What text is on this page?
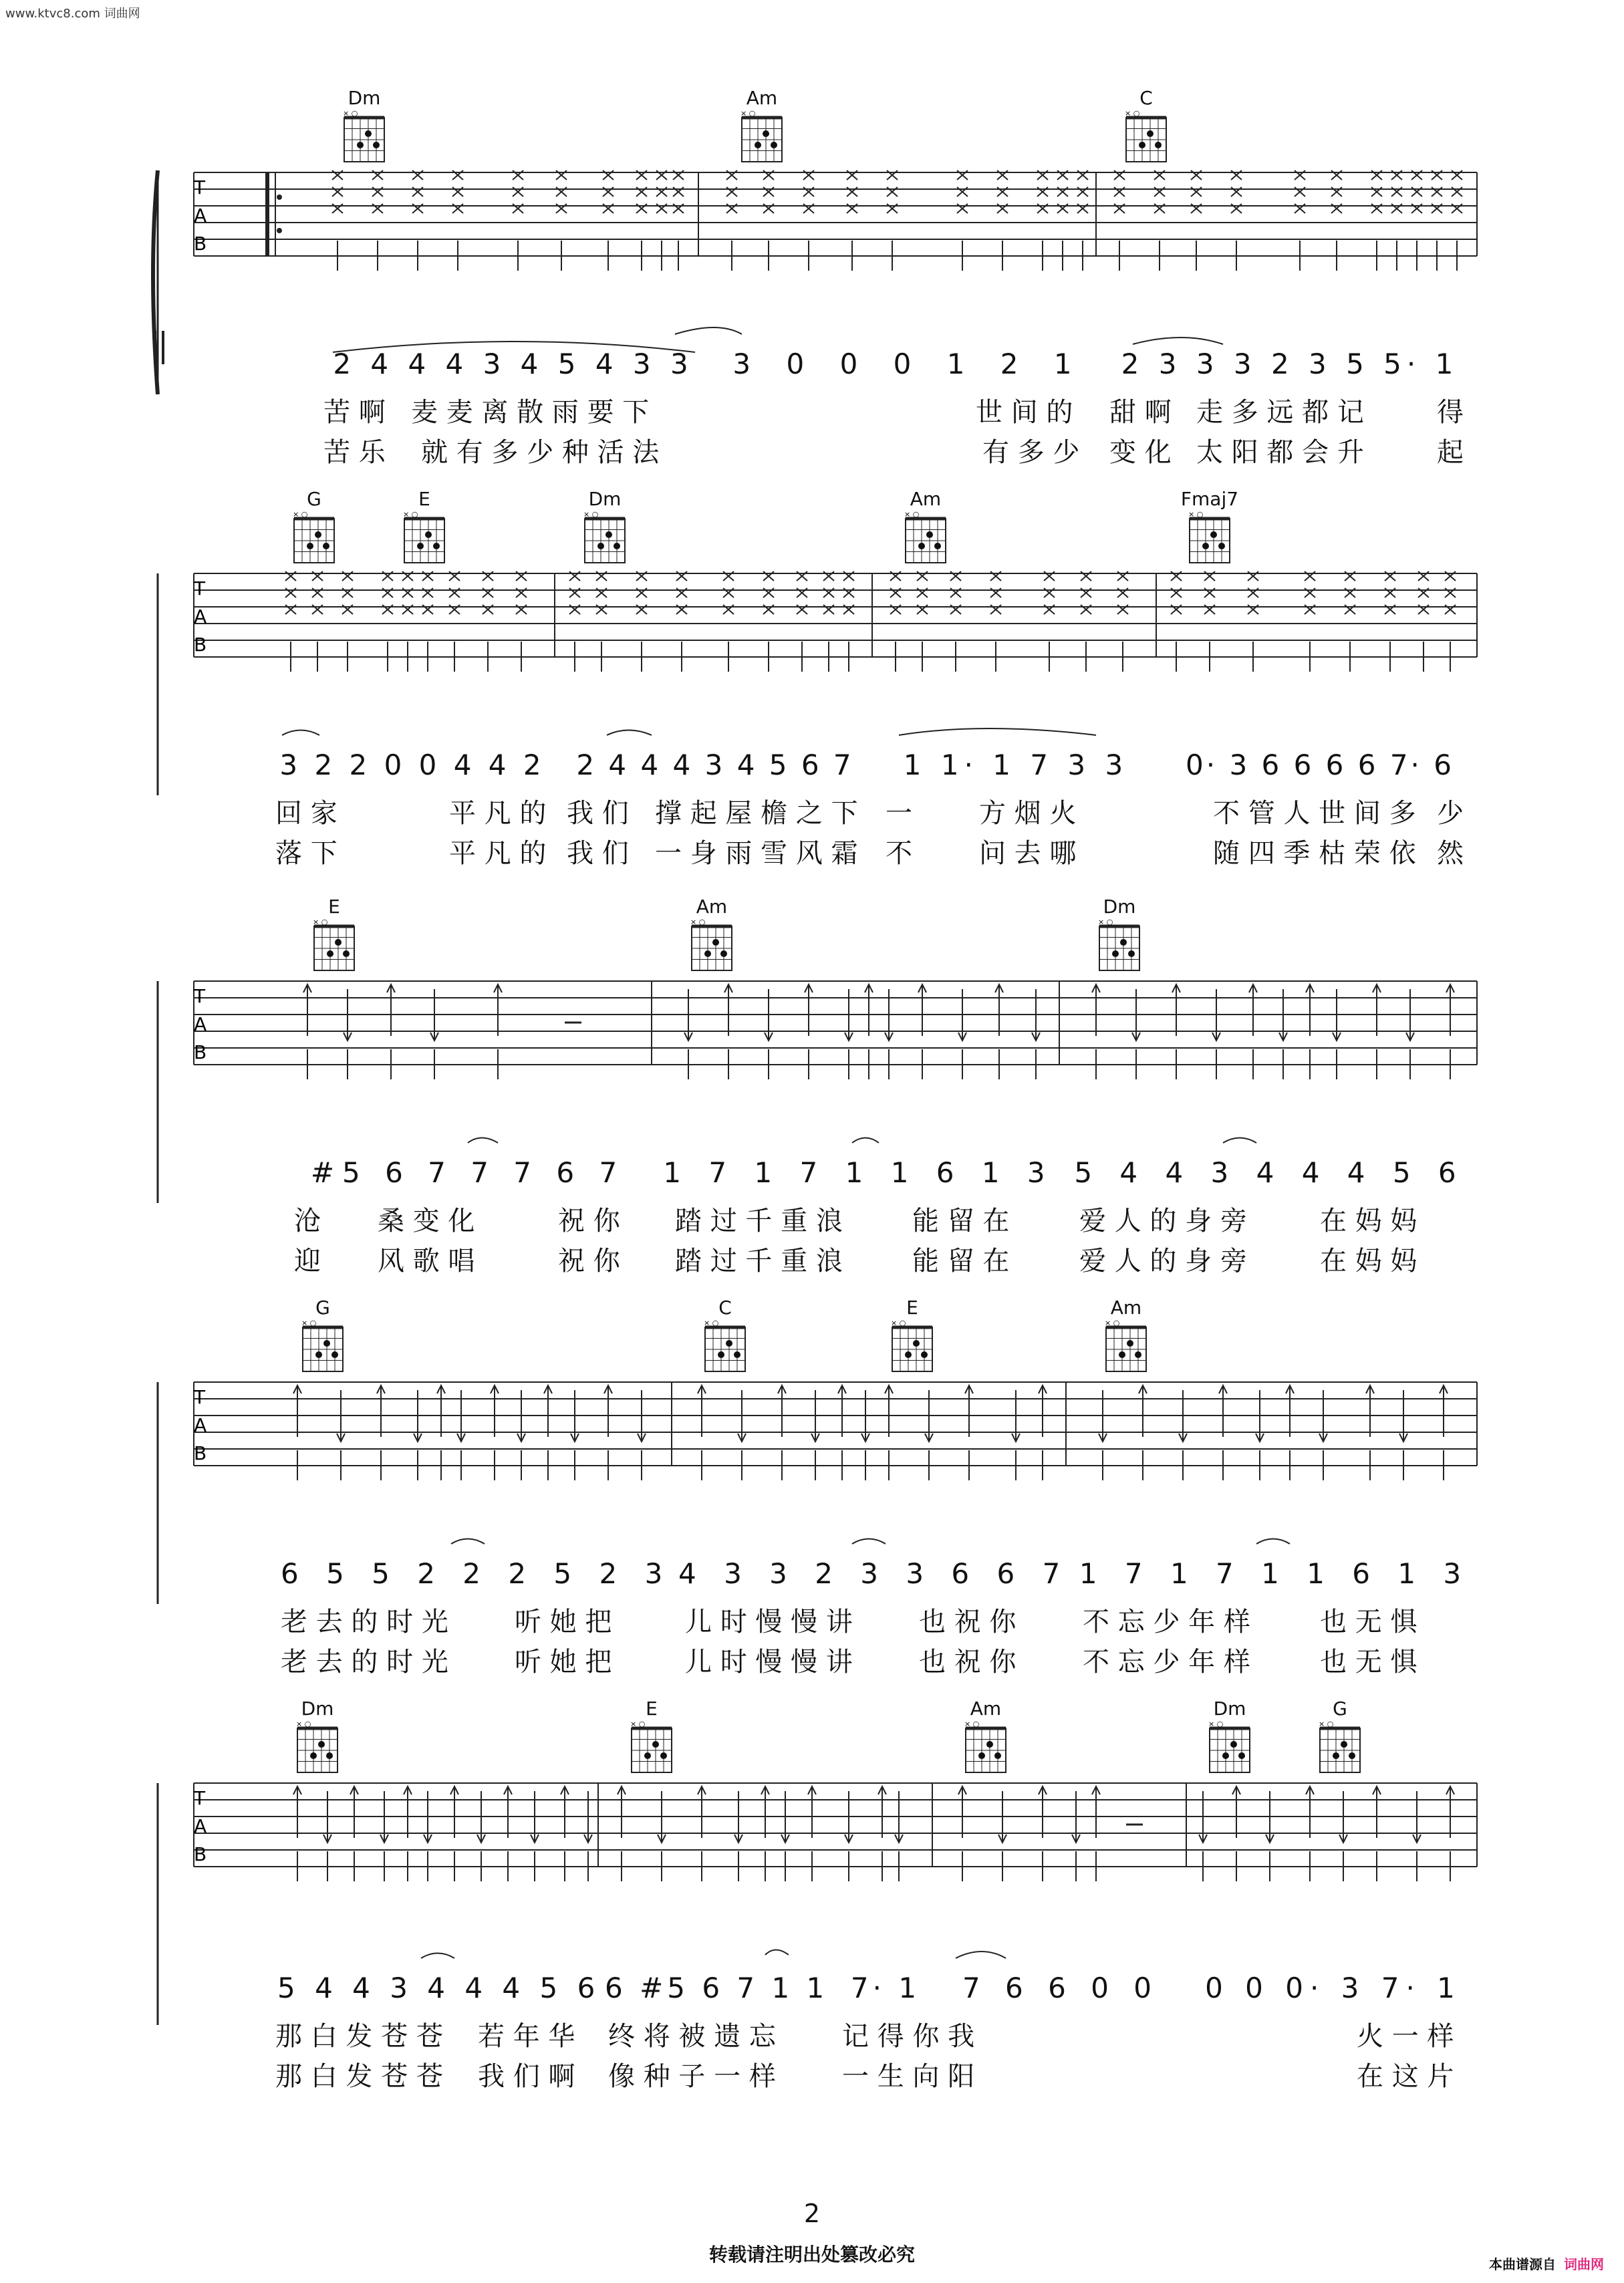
www.ktvc8.com 词曲网
T
A
B
Dm
× ○
Am
× ○
C
× ○
2 4 4 4 3 4 5 4 3 3	3 0 0 0 1 2 1	2 3 3 3 2 3 5 5· 1
苦 啊 麦 麦 离 散 雨 要 下	世 间 的 甜 啊 走 多 远 都 记	得
苦 乐 就 有 多 少 种 活 法	有 多 少 变 化 太 阳 都 会 升	起
T
A
B
G
× ○
E
× ○
Dm
× ○
Am
× ○
Fmaj7
× ○
3 2 2 0 0 4 4 2	2 4 4 4 3 4 5 6 7	1 1· 1 7 3 3	0· 3 6 6 6 6 7· 6
回 家	平 凡 的 我 们 撑 起 屋 檐 之 下 一	方 烟 火	不 管 人 世 间 多 少
落 下	平 凡 的 我 们 一 身 雨 雪 风 霜 不	问 去 哪	随 四 季 枯 荣 依 然
T
A
B
E
× ○
Am
× ○
Dm
× ○
#5 6 7 7 7 6 7	1 7 1 7 1 1 6 1 3 5 4 4 3 4 4 4 5 6
沧 桑 变 化	祝 你 踏 过 千 重 浪	能 留 在	爱 人 的 身 旁	在 妈 妈
迎 风 歌 唱	祝 你 踏 过 千 重 浪	能 留 在	爱 人 的 身 旁	在 妈 妈
T
A
B
G
× ○
C
× ○
E
× ○
Am
× ○
6 5 5 2 2 2 5 2 3 4 3 3 2 3 3 6 6 7 1 7 1 7 1 1 6 1 3
老 去 的 时 光 听 她 把	儿 时 慢 慢 讲 也 祝 你 不 忘 少 年 样	也 无 惧
老 去 的 时 光 听 她 把	儿 时 慢 慢 讲 也 祝 你 不 忘 少 年 样	也 无 惧
T
A
B
Dm
× ○
E
× ○
Am
× ○
Dm
× ○
G
× ○
5 4 4 3 4 4 4 5 6 6 #5 6 7 1 1 7· 1	7 6 6 0 0	0 0 0· 3 7· 1
那 白 发 苍 苍 若 年 华 终 将 被 遗 忘 记 得 你 我	火 一 样
那 白 发 苍 苍 我 们 啊 像 种 子 一 样 一 生 向 阳	在 这 片
2
转载请注明出处篡改必究	本曲谱源自 词曲网
